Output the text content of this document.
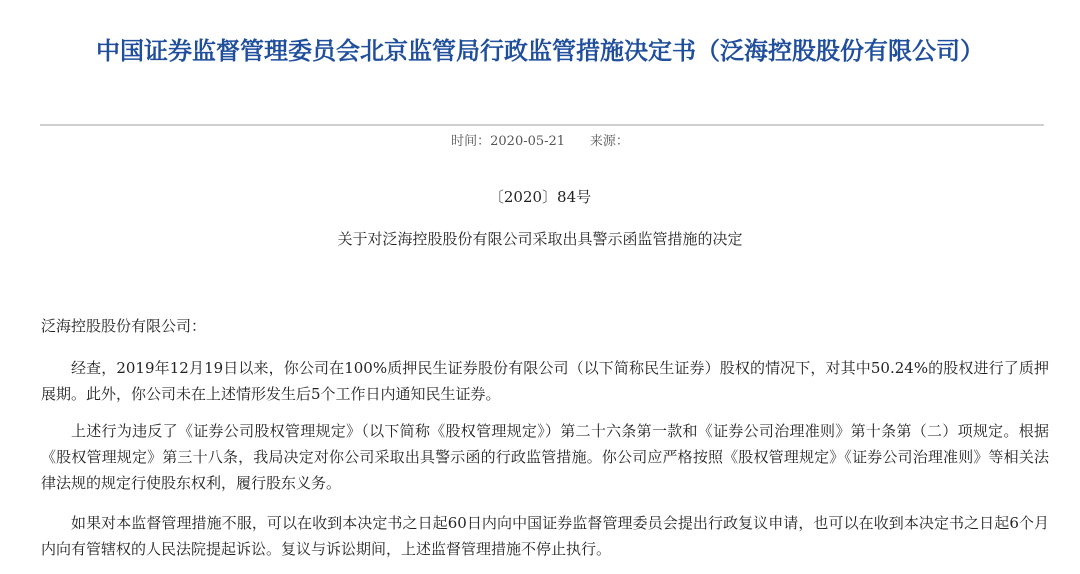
中国证券监督管理委员会北京监管局行政监管措施决定书（泛海控股股份有限公司）
时间：2020-05-21 来源：
〔2020〕84号
关于对泛海控股股份有限公司采取出具警示函监管措施的决定
泛海控股股份有限公司：

经查，2019年12月19日以来，你公司在100%质押民生证券股份有限公司（以下简称民生证券）股权的情况下，对其中50.24%的股权进行了质押展期。此外，你公司未在上述情形发生后5个工作日内通知民生证券。

上述行为违反了《证券公司股权管理规定》（以下简称《股权管理规定》）第二十六条第一款和《证券公司治理准则》第十条第（二）项规定。根据《股权管理规定》第三十八条，我局决定对你公司采取出具警示函的行政监管措施。你公司应严格按照《股权管理规定》《证券公司治理准则》等相关法律法规的规定行使股东权利，履行股东义务。

如果对本监督管理措施不服，可以在收到本决定书之日起60日内向中国证券监督管理委员会提出行政复议申请，也可以在收到本决定书之日起6个月内向有管辖权的人民法院提起诉讼。复议与诉讼期间，上述监督管理措施不停止执行。
